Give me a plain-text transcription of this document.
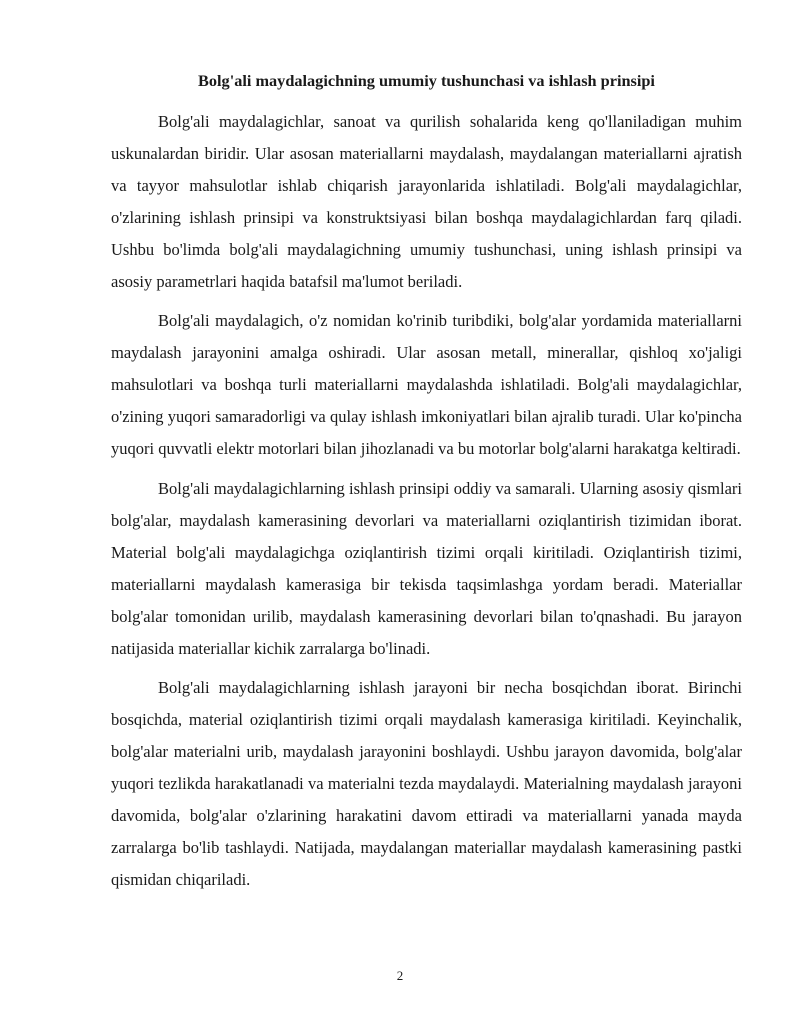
Bolg'ali maydalagichning umumiy tushunchasi va ishlash prinsipi

Bolg'ali maydalagichlar, sanoat va qurilish sohalarida keng qo'llaniladigan muhim uskunalardan biridir. Ular asosan materiallarni maydalash, maydalangan materiallarni ajratish va tayyor mahsulotlar ishlab chiqarish jarayonlarida ishlatiladi. Bolg'ali maydalagichlar, o'zlarining ishlash prinsipi va konstruktsiyasi bilan boshqa maydalagichlardan farq qiladi. Ushbu bo'limda bolg'ali maydalagichning umumiy tushunchasi, uning ishlash prinsipi va asosiy parametrlari haqida batafsil ma'lumot beriladi.

Bolg'ali maydalagich, o'z nomidan ko'rinib turibdiki, bolg'alar yordamida materiallarni maydalash jarayonini amalga oshiradi. Ular asosan metall, minerallar, qishloq xo'jaligi mahsulotlari va boshqa turli materiallarni maydalashda ishlatiladi. Bolg'ali maydalagichlar, o'zining yuqori samaradorligi va qulay ishlash imkoniyatlari bilan ajralib turadi. Ular ko'pincha yuqori quvvatli elektr motorlari bilan jihozlanadi va bu motorlar bolg'alarni harakatga keltiradi.

Bolg'ali maydalagichlarning ishlash prinsipi oddiy va samarali. Ularning asosiy qismlari bolg'alar, maydalash kamerasining devorlari va materiallarni oziqlantirish tizimidan iborat. Material bolg'ali maydalagichga oziqlantirish tizimi orqali kiritiladi. Oziqlantirish tizimi, materiallarni maydalash kamerasiga bir tekisda taqsimlashga yordam beradi. Materiallar bolg'alar tomonidan urilib, maydalash kamerasining devorlari bilan to'qnashadi. Bu jarayon natijasida materiallar kichik zarralarga bo'linadi.

Bolg'ali maydalagichlarning ishlash jarayoni bir necha bosqichdan iborat. Birinchi bosqichda, material oziqlantirish tizimi orqali maydalash kamerasiga kiritiladi. Keyinchalik, bolg'alar materialni urib, maydalash jarayonini boshlaydi. Ushbu jarayon davomida, bolg'alar yuqori tezlikda harakatlanadi va materialni tezda maydalaydi. Materialning maydalash jarayoni davomida, bolg'alar o'zlarining harakatini davom ettiradi va materiallarni yanada mayda zarralarga bo'lib tashlaydi. Natijada, maydalangan materiallar maydalash kamerasining pastki qismidan chiqariladi.

2
